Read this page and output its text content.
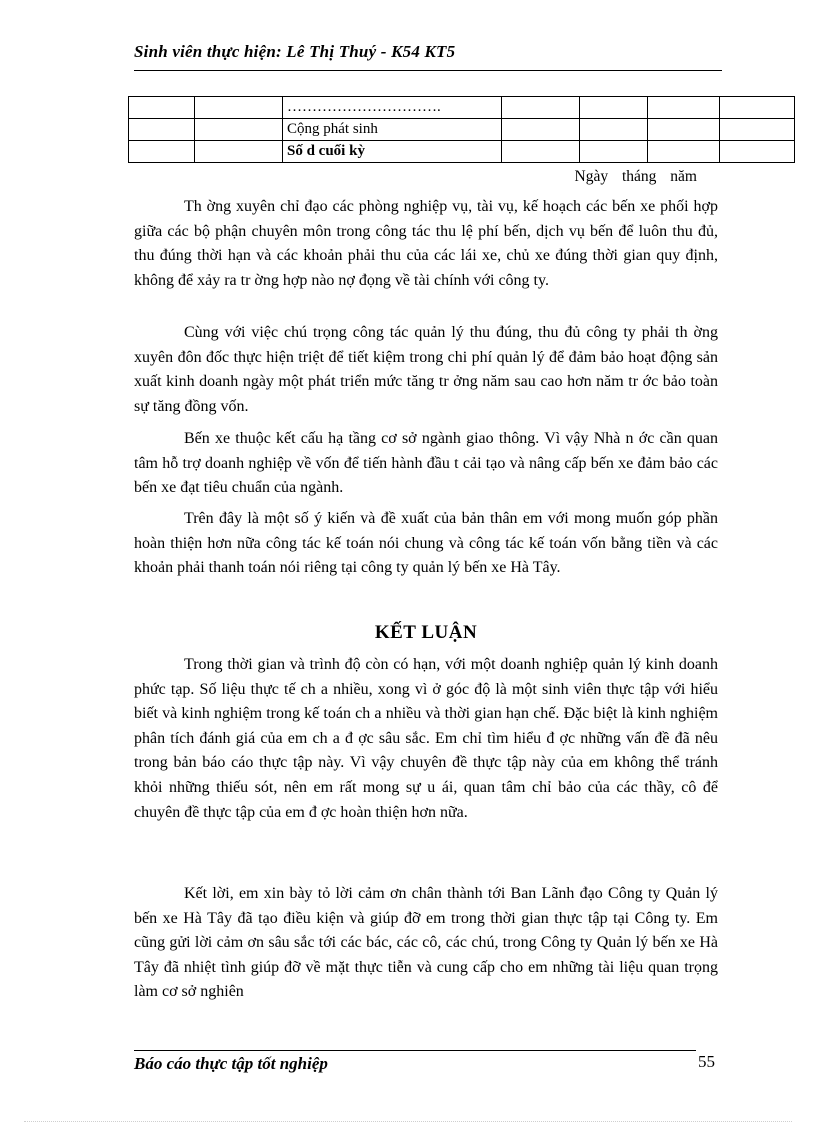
Sinh viên thực hiện: Lê Thị Thuý - K54 KT5
		………………………….				
		Cộng phát sinh				
		Số d cuối kỳ				
Ngày tháng năm

Th ờng xuyên chỉ đạo các phòng nghiệp vụ, tài vụ, kế hoạch các bến xe phối hợp giữa các bộ phận chuyên môn trong công tác thu lệ phí bến, dịch vụ bến để luôn thu đủ, thu đúng thời hạn và các khoản phải thu của các lái xe, chủ xe đúng thời gian quy định, không để xảy ra tr ờng hợp nào nợ đọng về tài chính với công ty.

Cùng với việc chú trọng công tác quản lý thu đúng, thu đủ công ty phải th ờng xuyên đôn đốc thực hiện triệt để tiết kiệm trong chi phí quản lý để đảm bảo hoạt động sản xuất kinh doanh ngày một phát triển mức tăng tr ởng năm sau cao hơn năm tr ớc bảo toàn sự tăng đồng vốn.

Bến xe thuộc kết cấu hạ tầng cơ sở ngành giao thông. Vì vậy Nhà n ớc cần quan tâm hỗ trợ doanh nghiệp về vốn để tiến hành đầu t cải tạo và nâng cấp bến xe đảm bảo các bến xe đạt tiêu chuẩn của ngành.

Trên đây là một số ý kiến và đề xuất của bản thân em với mong muốn góp phần hoàn thiện hơn nữa công tác kế toán nói chung và công tác kế toán vốn bằng tiền và các khoản phải thanh toán nói riêng tại công ty quản lý bến xe Hà Tây.

KẾT LUẬN

Trong thời gian và trình độ còn có hạn, với một doanh nghiệp quản lý kinh doanh phức tạp. Số liệu thực tế ch a nhiều, xong vì ở góc độ là một sinh viên thực tập với hiểu biết và kinh nghiệm trong kế toán ch a nhiều và thời gian hạn chế. Đặc biệt là kinh nghiệm phân tích đánh giá của em ch a đ ợc sâu sắc. Em chỉ tìm hiểu đ ợc những vấn đề đã nêu trong bản báo cáo thực tập này. Vì vậy chuyên đề thực tập này của em không thể tránh khỏi những thiếu sót, nên em rất mong sự u ái, quan tâm chỉ bảo của các thầy, cô để chuyên đề thực tập của em đ ợc hoàn thiện hơn nữa.

Kết lời, em xin bày tỏ lời cảm ơn chân thành tới Ban Lãnh đạo Công ty Quản lý bến xe Hà Tây đã tạo điều kiện và giúp đỡ em trong thời gian thực tập tại Công ty. Em cũng gửi lời cảm ơn sâu sắc tới các bác, các cô, các chú, trong Công ty Quản lý bến xe Hà Tây đã nhiệt tình giúp đỡ về mặt thực tiễn và cung cấp cho em những tài liệu quan trọng làm cơ sở nghiên

Báo cáo thực tập tốt nghiệp	55
